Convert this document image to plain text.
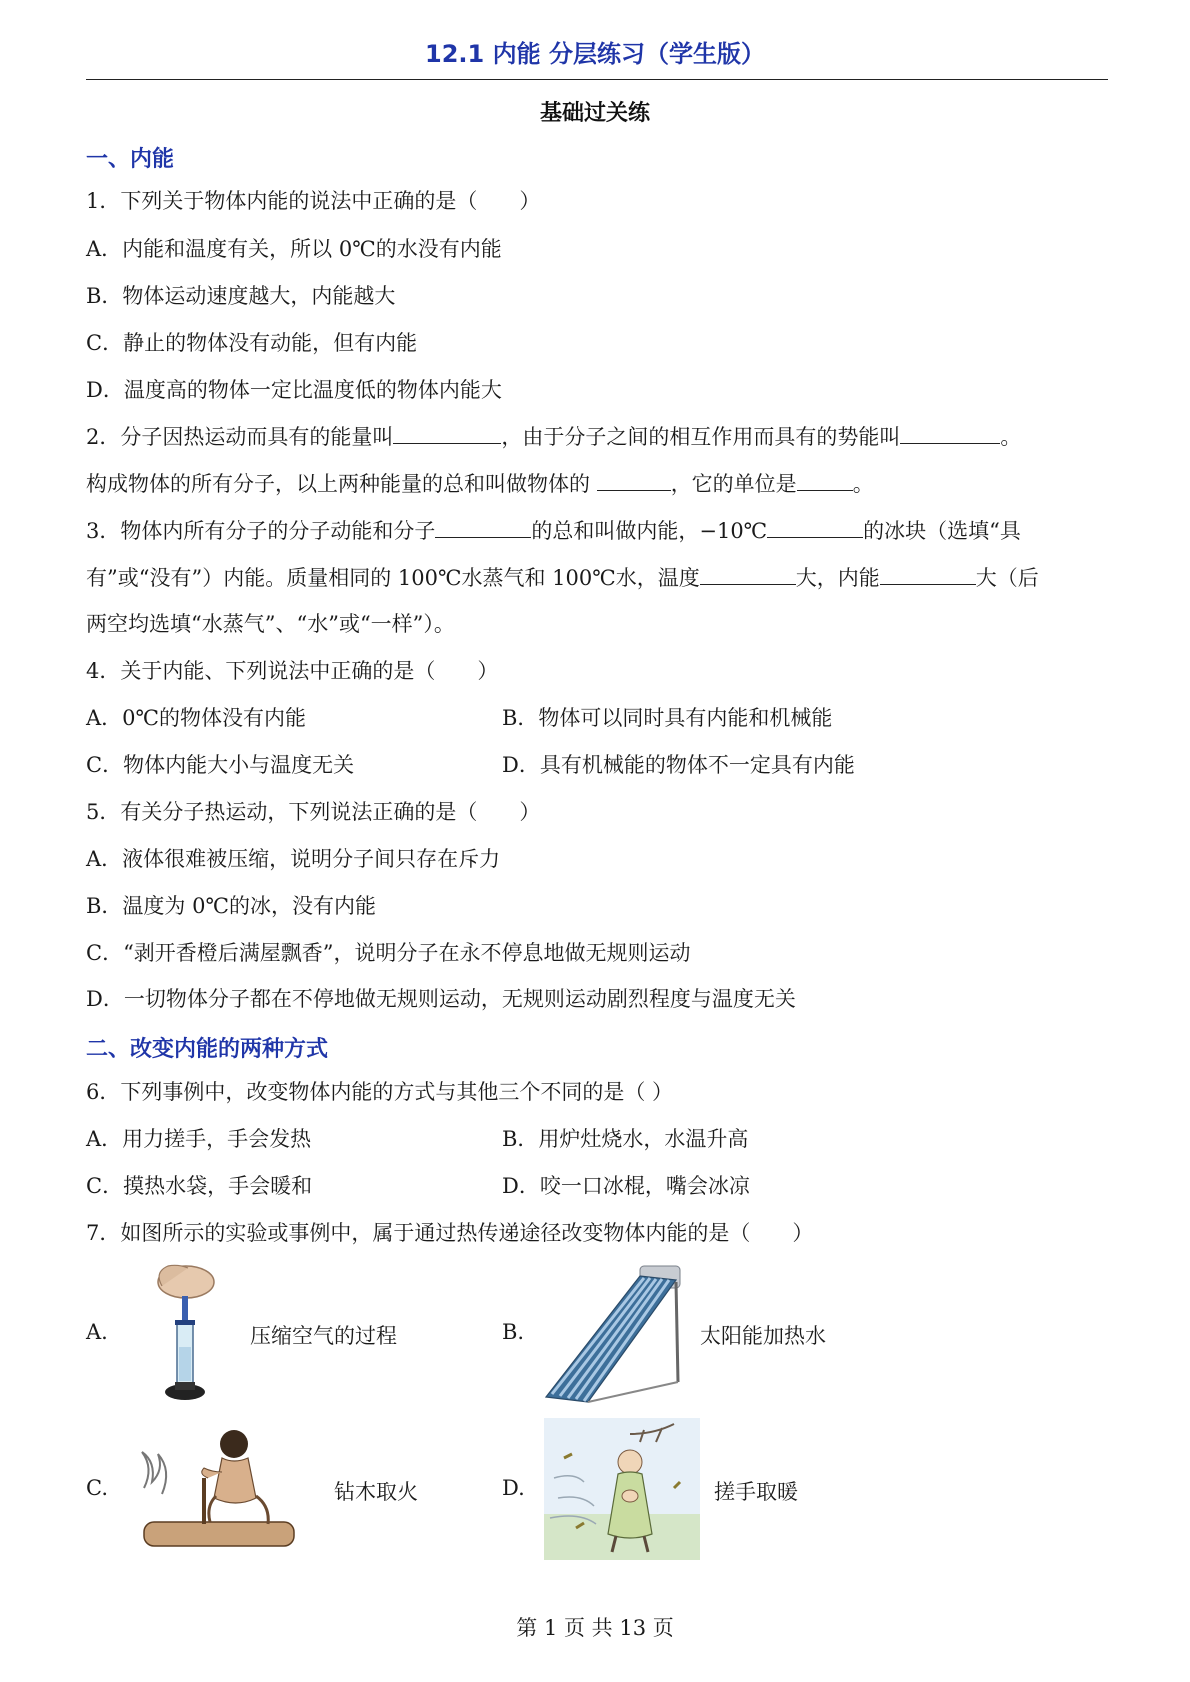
12.1 内能 分层练习（学生版）
基础过关练
一、内能
1．下列关于物体内能的说法中正确的是（　　）
A．内能和温度有关，所以 0℃的水没有内能
B．物体运动速度越大，内能越大
C．静止的物体没有动能，但有内能
D．温度高的物体一定比温度低的物体内能大
2．分子因热运动而具有的能量叫	，由于分子之间的相互作用而具有的势能叫	。
构成物体的所有分子，以上两种能量的总和叫做物体的	，它的单位是	。
3．物体内所有分子的分子动能和分子	的总和叫做内能，−10℃	的冰块（选填“具
有”或“没有”）内能。质量相同的 100℃水蒸气和 100℃水，温度	大，内能	大（后
两空均选填“水蒸气”、“水”或“一样”）。
4．关于内能、下列说法中正确的是（　　）
A．0℃的物体没有内能	B．物体可以同时具有内能和机械能
C．物体内能大小与温度无关	D．具有机械能的物体不一定具有内能
5．有关分子热运动，下列说法正确的是（　　）
A．液体很难被压缩，说明分子间只存在斥力
B．温度为 0℃的冰，没有内能
C．“剥开香橙后满屋飘香”，说明分子在永不停息地做无规则运动
D．一切物体分子都在不停地做无规则运动，无规则运动剧烈程度与温度无关
二、改变内能的两种方式
6．下列事例中，改变物体内能的方式与其他三个不同的是（ ）
A．用力搓手，手会发热	B．用炉灶烧水，水温升高
C．摸热水袋，手会暖和	D．咬一口冰棍，嘴会冰凉
7．如图所示的实验或事例中，属于通过热传递途径改变物体内能的是（　　）
A.	压缩空气的过程	B.	太阳能加热水
C.	钻木取火	D.	搓手取暖
第 1 页 共 13 页
